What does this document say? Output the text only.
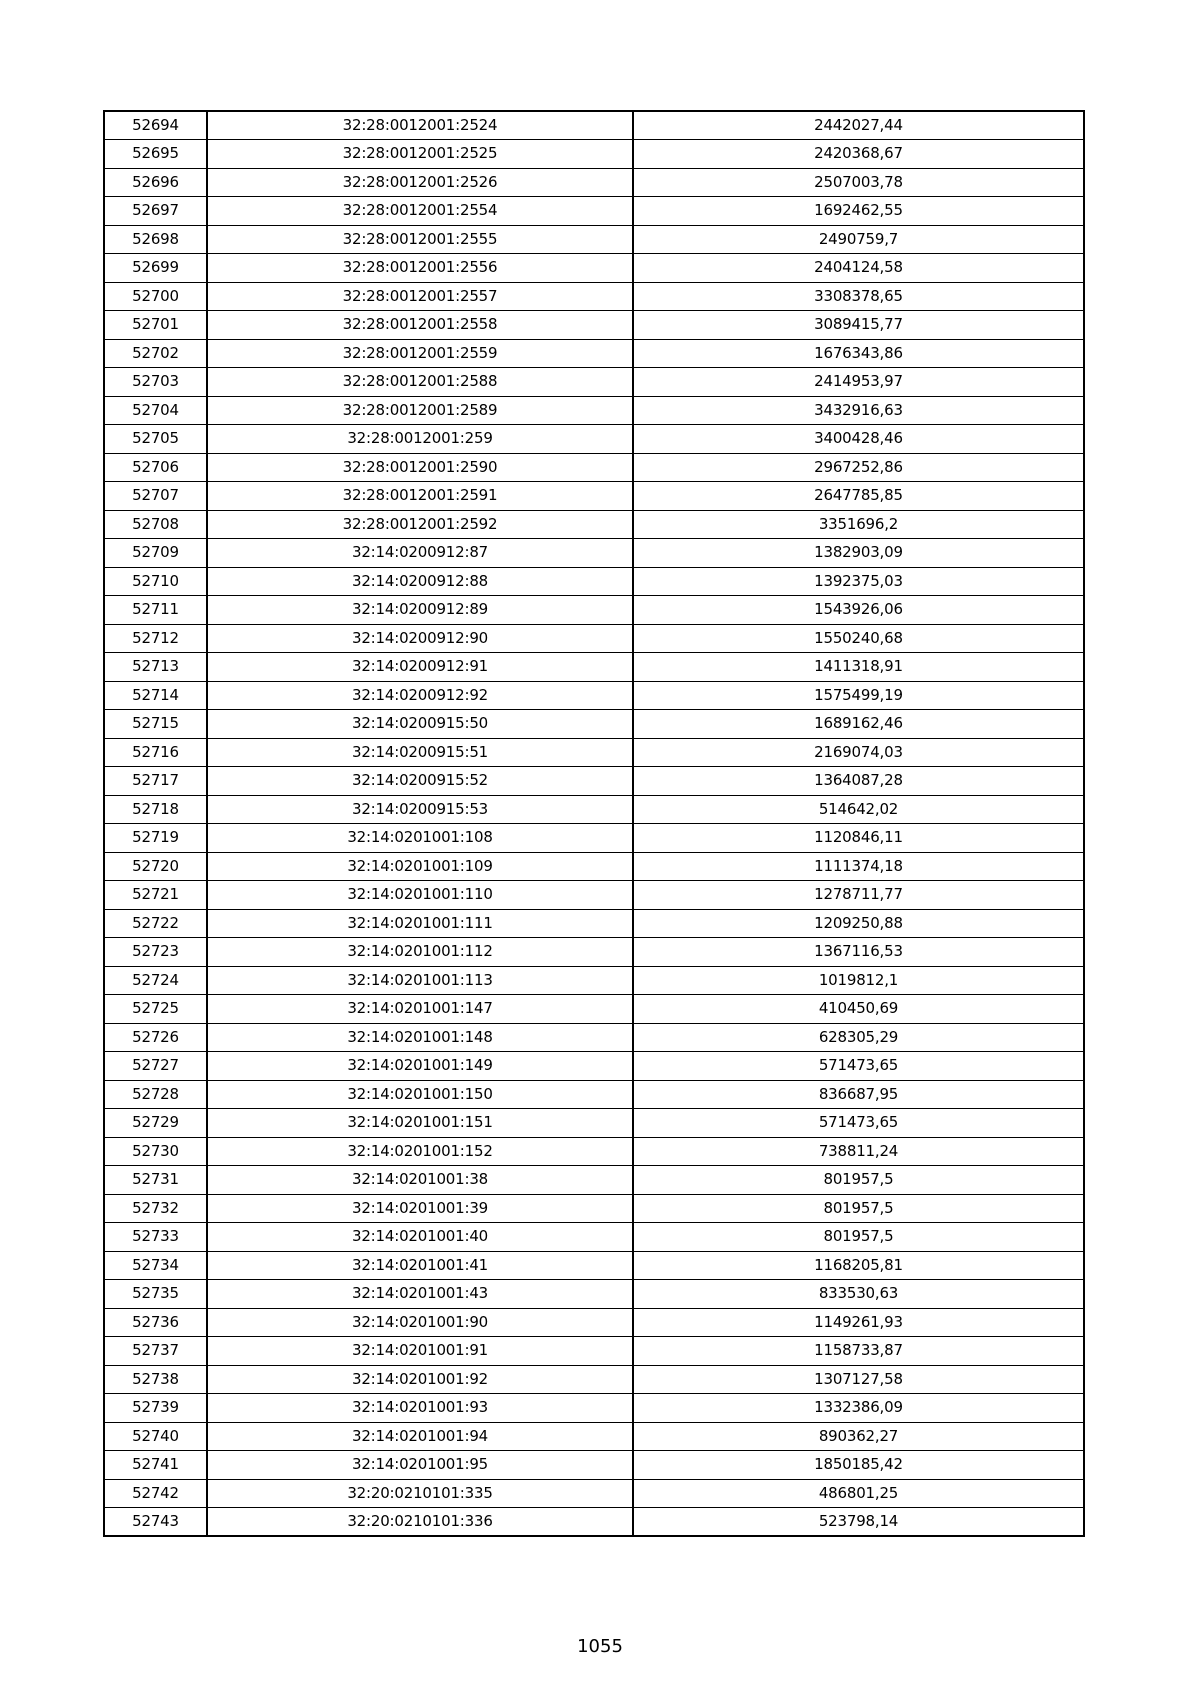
52694	32:28:0012001:2524	2442027,44
52695	32:28:0012001:2525	2420368,67
52696	32:28:0012001:2526	2507003,78
52697	32:28:0012001:2554	1692462,55
52698	32:28:0012001:2555	2490759,7
52699	32:28:0012001:2556	2404124,58
52700	32:28:0012001:2557	3308378,65
52701	32:28:0012001:2558	3089415,77
52702	32:28:0012001:2559	1676343,86
52703	32:28:0012001:2588	2414953,97
52704	32:28:0012001:2589	3432916,63
52705	32:28:0012001:259	3400428,46
52706	32:28:0012001:2590	2967252,86
52707	32:28:0012001:2591	2647785,85
52708	32:28:0012001:2592	3351696,2
52709	32:14:0200912:87	1382903,09
52710	32:14:0200912:88	1392375,03
52711	32:14:0200912:89	1543926,06
52712	32:14:0200912:90	1550240,68
52713	32:14:0200912:91	1411318,91
52714	32:14:0200912:92	1575499,19
52715	32:14:0200915:50	1689162,46
52716	32:14:0200915:51	2169074,03
52717	32:14:0200915:52	1364087,28
52718	32:14:0200915:53	514642,02
52719	32:14:0201001:108	1120846,11
52720	32:14:0201001:109	1111374,18
52721	32:14:0201001:110	1278711,77
52722	32:14:0201001:111	1209250,88
52723	32:14:0201001:112	1367116,53
52724	32:14:0201001:113	1019812,1
52725	32:14:0201001:147	410450,69
52726	32:14:0201001:148	628305,29
52727	32:14:0201001:149	571473,65
52728	32:14:0201001:150	836687,95
52729	32:14:0201001:151	571473,65
52730	32:14:0201001:152	738811,24
52731	32:14:0201001:38	801957,5
52732	32:14:0201001:39	801957,5
52733	32:14:0201001:40	801957,5
52734	32:14:0201001:41	1168205,81
52735	32:14:0201001:43	833530,63
52736	32:14:0201001:90	1149261,93
52737	32:14:0201001:91	1158733,87
52738	32:14:0201001:92	1307127,58
52739	32:14:0201001:93	1332386,09
52740	32:14:0201001:94	890362,27
52741	32:14:0201001:95	1850185,42
52742	32:20:0210101:335	486801,25
52743	32:20:0210101:336	523798,14
1055
